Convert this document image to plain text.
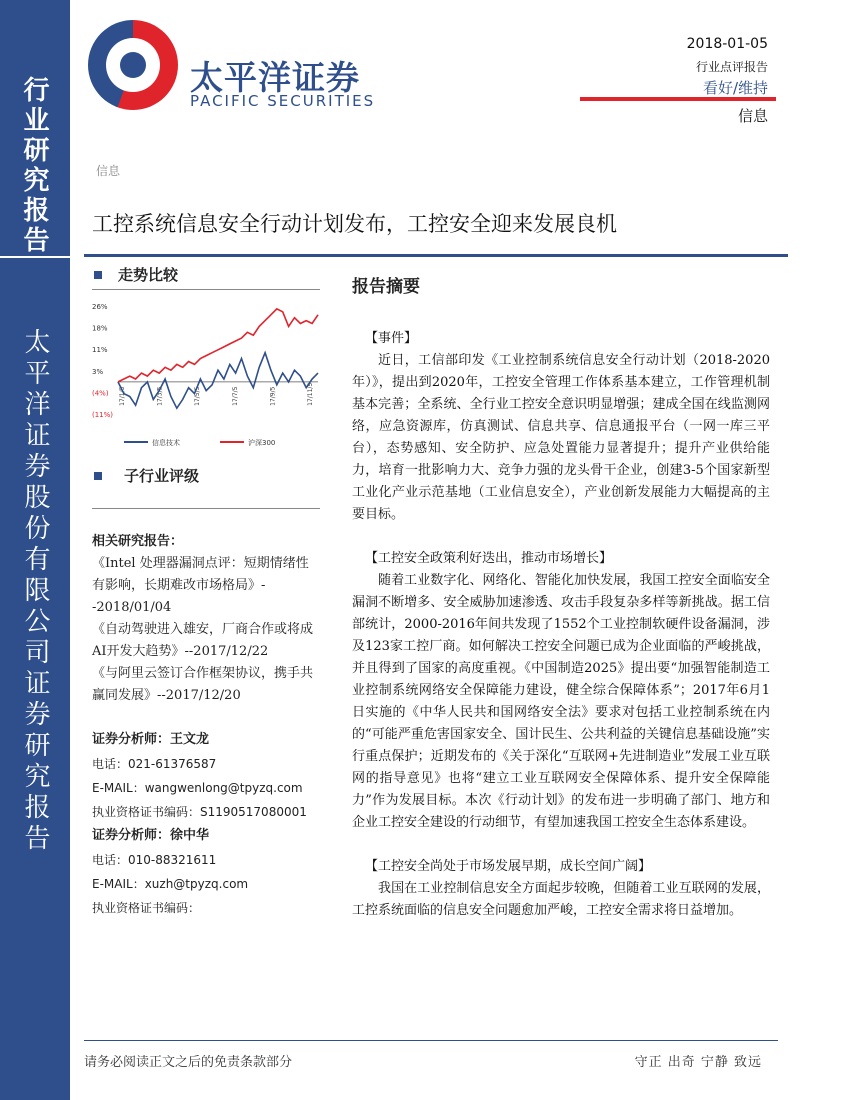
行业研究报告
太平洋证券股份有限公司证券研究报告
太平洋证券
PACIFIC SECURITIES
2018-01-05
行业点评报告
看好/维持
信息
信息
工控系统信息安全行动计划发布，工控安全迎来发展良机
走势比较
26%
18%
11%
3%
(4%)
(11%)
17/1/5	17/3/5	17/5/5	17/7/5	17/9/5	17/11/5
信息技术	沪深300
子行业评级
相关研究报告：
《Intel 处理器漏洞点评：短期情绪性有影响，长期难改市场格局》--2018/01/04
《自动驾驶进入雄安，厂商合作或将成AI开发大趋势》--2017/12/22
《与阿里云签订合作框架协议，携手共赢同发展》--2017/12/20
证券分析师：王文龙
电话：021-61376587
E-MAIL：wangwenlong@tpyzq.com
执业资格证书编码：S1190517080001
证券分析师：徐中华
电话：010-88321611
E-MAIL：xuzh@tpyzq.com
执业资格证书编码：
报告摘要

【事件】

近日，工信部印发《工业控制系统信息安全行动计划（2018-2020年）》，提出到2020年，工控安全管理工作体系基本建立，工作管理机制基本完善；全系统、全行业工控安全意识明显增强；建成全国在线监测网络，应急资源库，仿真测试、信息共享、信息通报平台（一网一库三平台），态势感知、安全防护、应急处置能力显著提升；提升产业供给能力，培育一批影响力大、竞争力强的龙头骨干企业，创建3-5个国家新型工业化产业示范基地（工业信息安全），产业创新发展能力大幅提高的主要目标。

【工控安全政策利好迭出，推动市场增长】

随着工业数字化、网络化、智能化加快发展，我国工控安全面临安全漏洞不断增多、安全威胁加速渗透、攻击手段复杂多样等新挑战。据工信部统计，2000-2016年间共发现了1552个工业控制软硬件设备漏洞，涉及123家工控厂商。如何解决工控安全问题已成为企业面临的严峻挑战，并且得到了国家的高度重视。《中国制造2025》提出要“加强智能制造工业控制系统网络安全保障能力建设，健全综合保障体系”；2017年6月1日实施的《中华人民共和国网络安全法》要求对包括工业控制系统在内的“可能严重危害国家安全、国计民生、公共利益的关键信息基础设施”实行重点保护；近期发布的《关于深化“互联网+先进制造业”发展工业互联网的指导意见》也将“建立工业互联网安全保障体系、提升安全保障能力”作为发展目标。本次《行动计划》的发布进一步明确了部门、地方和企业工控安全建设的行动细节，有望加速我国工控安全生态体系建设。

【工控安全尚处于市场发展早期，成长空间广阔】

我国在工业控制信息安全方面起步较晚，但随着工业互联网的发展，工控系统面临的信息安全问题愈加严峻，工控安全需求将日益增加。

请务必阅读正文之后的免责条款部分	守正 出奇 宁静 致远
